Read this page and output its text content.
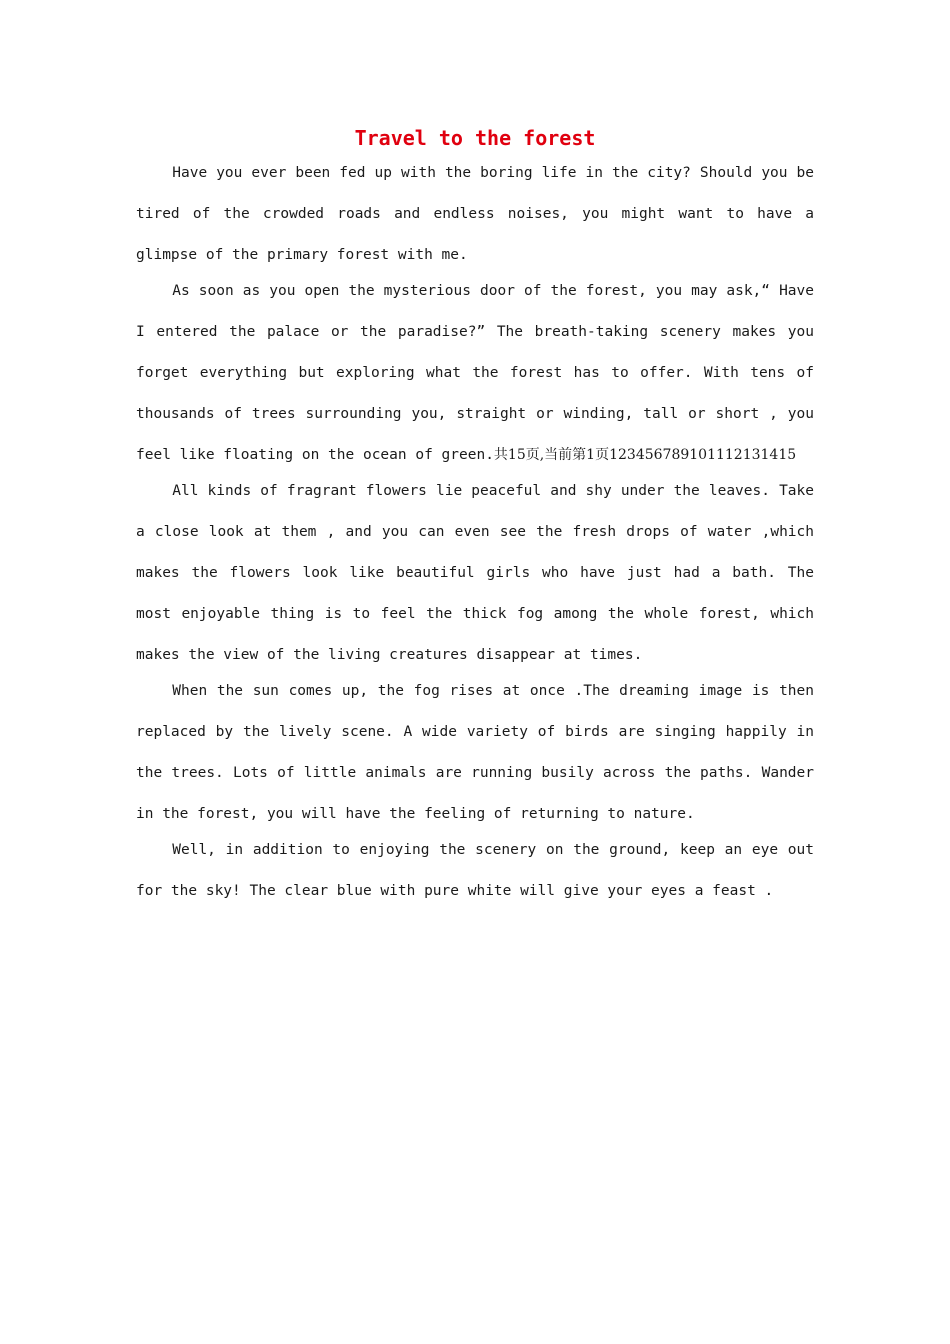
Travel to the forest

Have you ever been fed up with the boring life in the city? Should you be tired of the crowded roads and endless noises, you might want to have a glimpse of the primary forest with me.

As soon as you open the mysterious door of the forest, you may ask,“ Have I entered the palace or the paradise?” The breath-taking scenery makes you forget everything but exploring what the forest has to offer. With tens of thousands of trees surrounding you, straight or winding, tall or short , you feel like floating on the ocean of green.共15页,当前第1页123456789101112131415

All kinds of fragrant flowers lie peaceful and shy under the leaves. Take a close look at them , and you can even see the fresh drops of water ,which makes the flowers look like beautiful girls who have just had a bath. The most enjoyable thing is to feel the thick fog among the whole forest, which makes the view of the living creatures disappear at times.

When the sun comes up, the fog rises at once .The dreaming image is then replaced by the lively scene. A wide variety of birds are singing happily in the trees. Lots of little animals are running busily across the paths. Wander in the forest, you will have the feeling of returning to nature.

Well, in addition to enjoying the scenery on the ground, keep an eye out for the sky! The clear blue with pure white will give your eyes a feast .
